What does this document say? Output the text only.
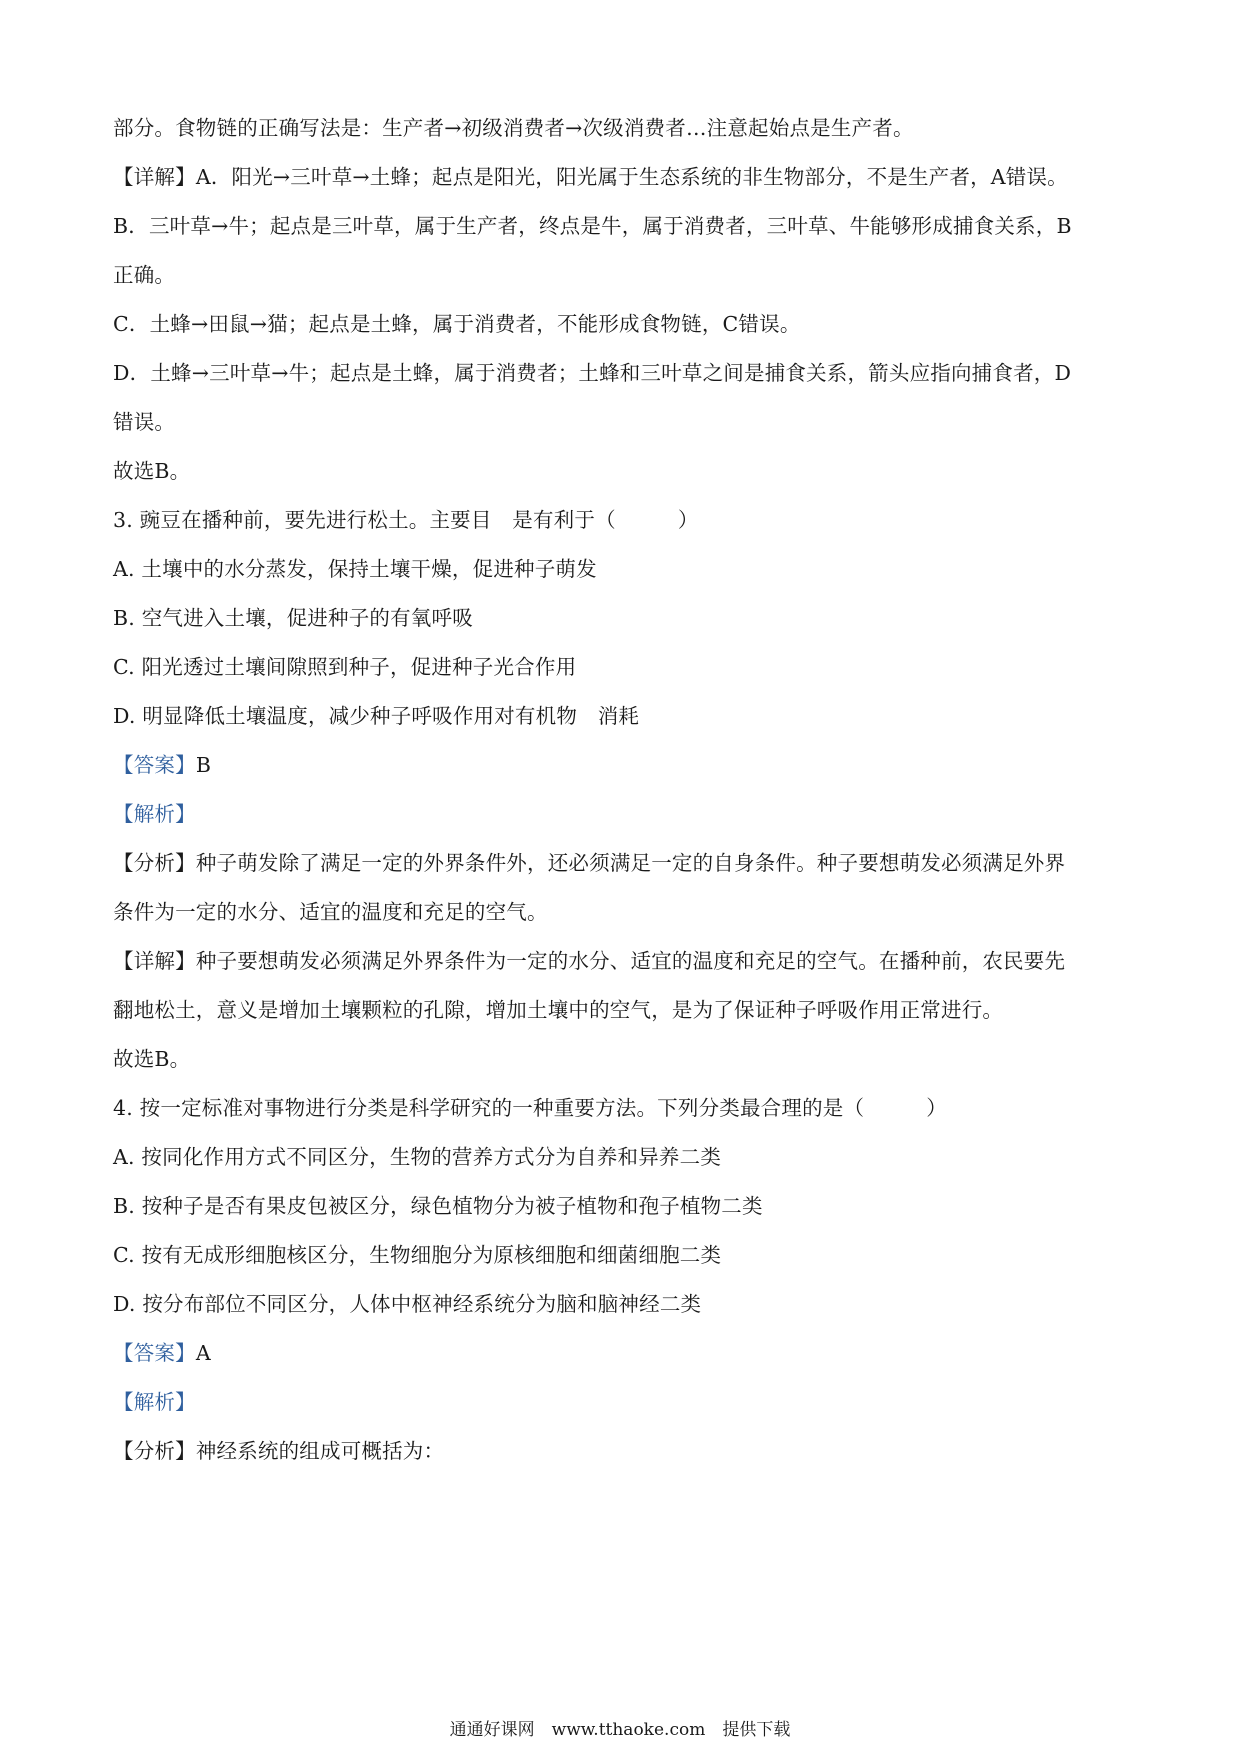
部分。食物链的正确写法是：生产者→初级消费者→次级消费者…注意起始点是生产者。
【详解】A．阳光→三叶草→土蜂；起点是阳光，阳光属于生态系统的非生物部分，不是生产者，A错误。
B．三叶草→牛；起点是三叶草，属于生产者，终点是牛，属于消费者，三叶草、牛能够形成捕食关系，B
正确。
C．土蜂→田鼠→猫；起点是土蜂，属于消费者，不能形成食物链，C错误。
D．土蜂→三叶草→牛；起点是土蜂，属于消费者；土蜂和三叶草之间是捕食关系，箭头应指向捕食者，D
错误。
故选B。
3. 豌豆在播种前，要先进行松土。主要目　是有利于（　　　）
A. 土壤中的水分蒸发，保持土壤干燥，促进种子萌发
B. 空气进入土壤，促进种子的有氧呼吸
C. 阳光透过土壤间隙照到种子，促进种子光合作用
D. 明显降低土壤温度，减少种子呼吸作用对有机物　消耗
【答案】B
【解析】
【分析】种子萌发除了满足一定的外界条件外，还必须满足一定的自身条件。种子要想萌发必须满足外界
条件为一定的水分、适宜的温度和充足的空气。
【详解】种子要想萌发必须满足外界条件为一定的水分、适宜的温度和充足的空气。在播种前，农民要先
翻地松土，意义是增加土壤颗粒的孔隙，增加土壤中的空气，是为了保证种子呼吸作用正常进行。
故选B。
4. 按一定标准对事物进行分类是科学研究的一种重要方法。下列分类最合理的是（　　　）
A. 按同化作用方式不同区分，生物的营养方式分为自养和异养二类
B. 按种子是否有果皮包被区分，绿色植物分为被子植物和孢子植物二类
C. 按有无成形细胞核区分，生物细胞分为原核细胞和细菌细胞二类
D. 按分布部位不同区分，人体中枢神经系统分为脑和脑神经二类
【答案】A
【解析】
【分析】神经系统的组成可概括为：
通通好课网　www.tthaoke.com　提供下载
